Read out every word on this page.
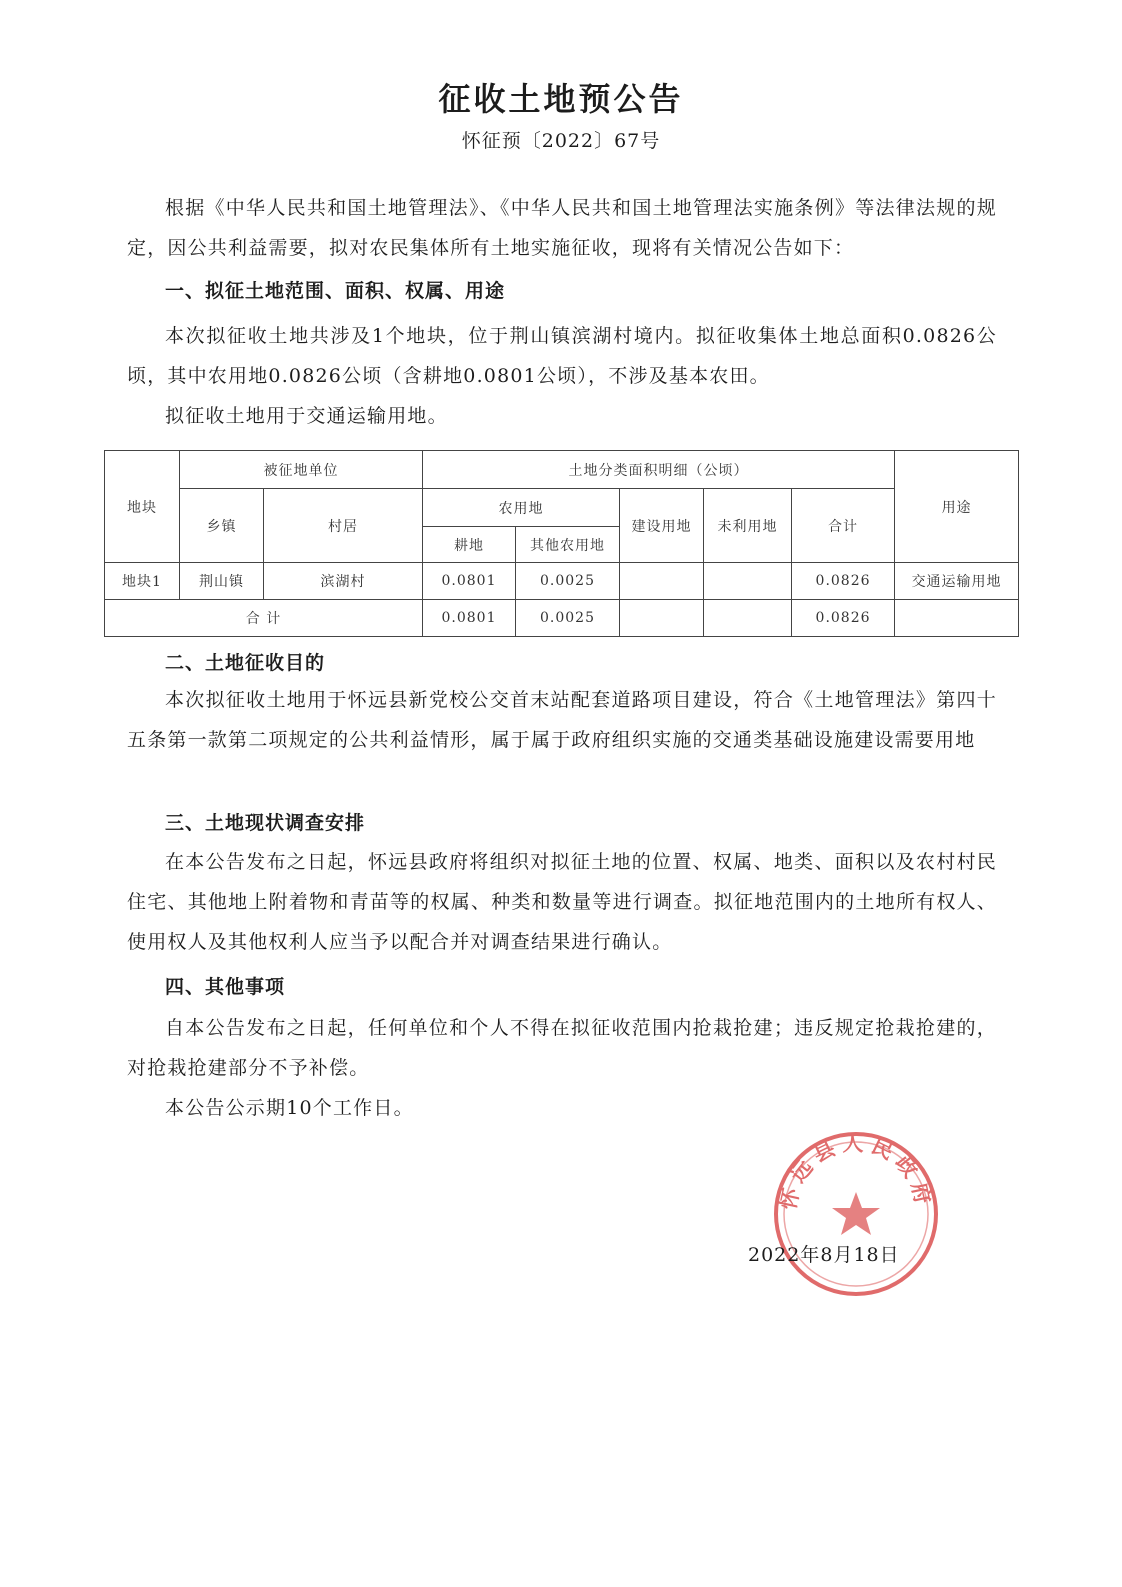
征收土地预公告
怀征预〔2022〕67号

根据《中华人民共和国土地管理法》、《中华人民共和国土地管理法实施条例》等法律法规的规定，因公共利益需要，拟对农民集体所有土地实施征收，现将有关情况公告如下：

一、拟征土地范围、面积、权属、用途

本次拟征收土地共涉及1个地块，位于荆山镇滨湖村境内。拟征收集体土地总面积0.0826公顷，其中农用地0.0826公顷（含耕地0.0801公顷），不涉及基本农田。

拟征收土地用于交通运输用地。

地块	被征地单位		土地分类面积明细（公顷）					用途
	乡镇	村居	农用地		建设用地	未利用地	合计	
			耕地	其他农用地				
地块1	荆山镇	滨湖村	0.0801	0.0025			0.0826	交通运输用地
合 计			0.0801	0.0025			0.0826	
二、土地征收目的

本次拟征收土地用于怀远县新党校公交首末站配套道路项目建设，符合《土地管理法》第四十五条第一款第二项规定的公共利益情形，属于属于政府组织实施的交通类基础设施建设需要用地

三、土地现状调查安排

在本公告发布之日起，怀远县政府将组织对拟征土地的位置、权属、地类、面积以及农村村民住宅、其他地上附着物和青苗等的权属、种类和数量等进行调查。拟征地范围内的土地所有权人、使用权人及其他权利人应当予以配合并对调查结果进行确认。

四、其他事项

自本公告发布之日起，任何单位和个人不得在拟征收范围内抢栽抢建；违反规定抢栽抢建的，对抢栽抢建部分不予补偿。

本公告公示期10个工作日。

怀远县人民政府
2022年8月18日
